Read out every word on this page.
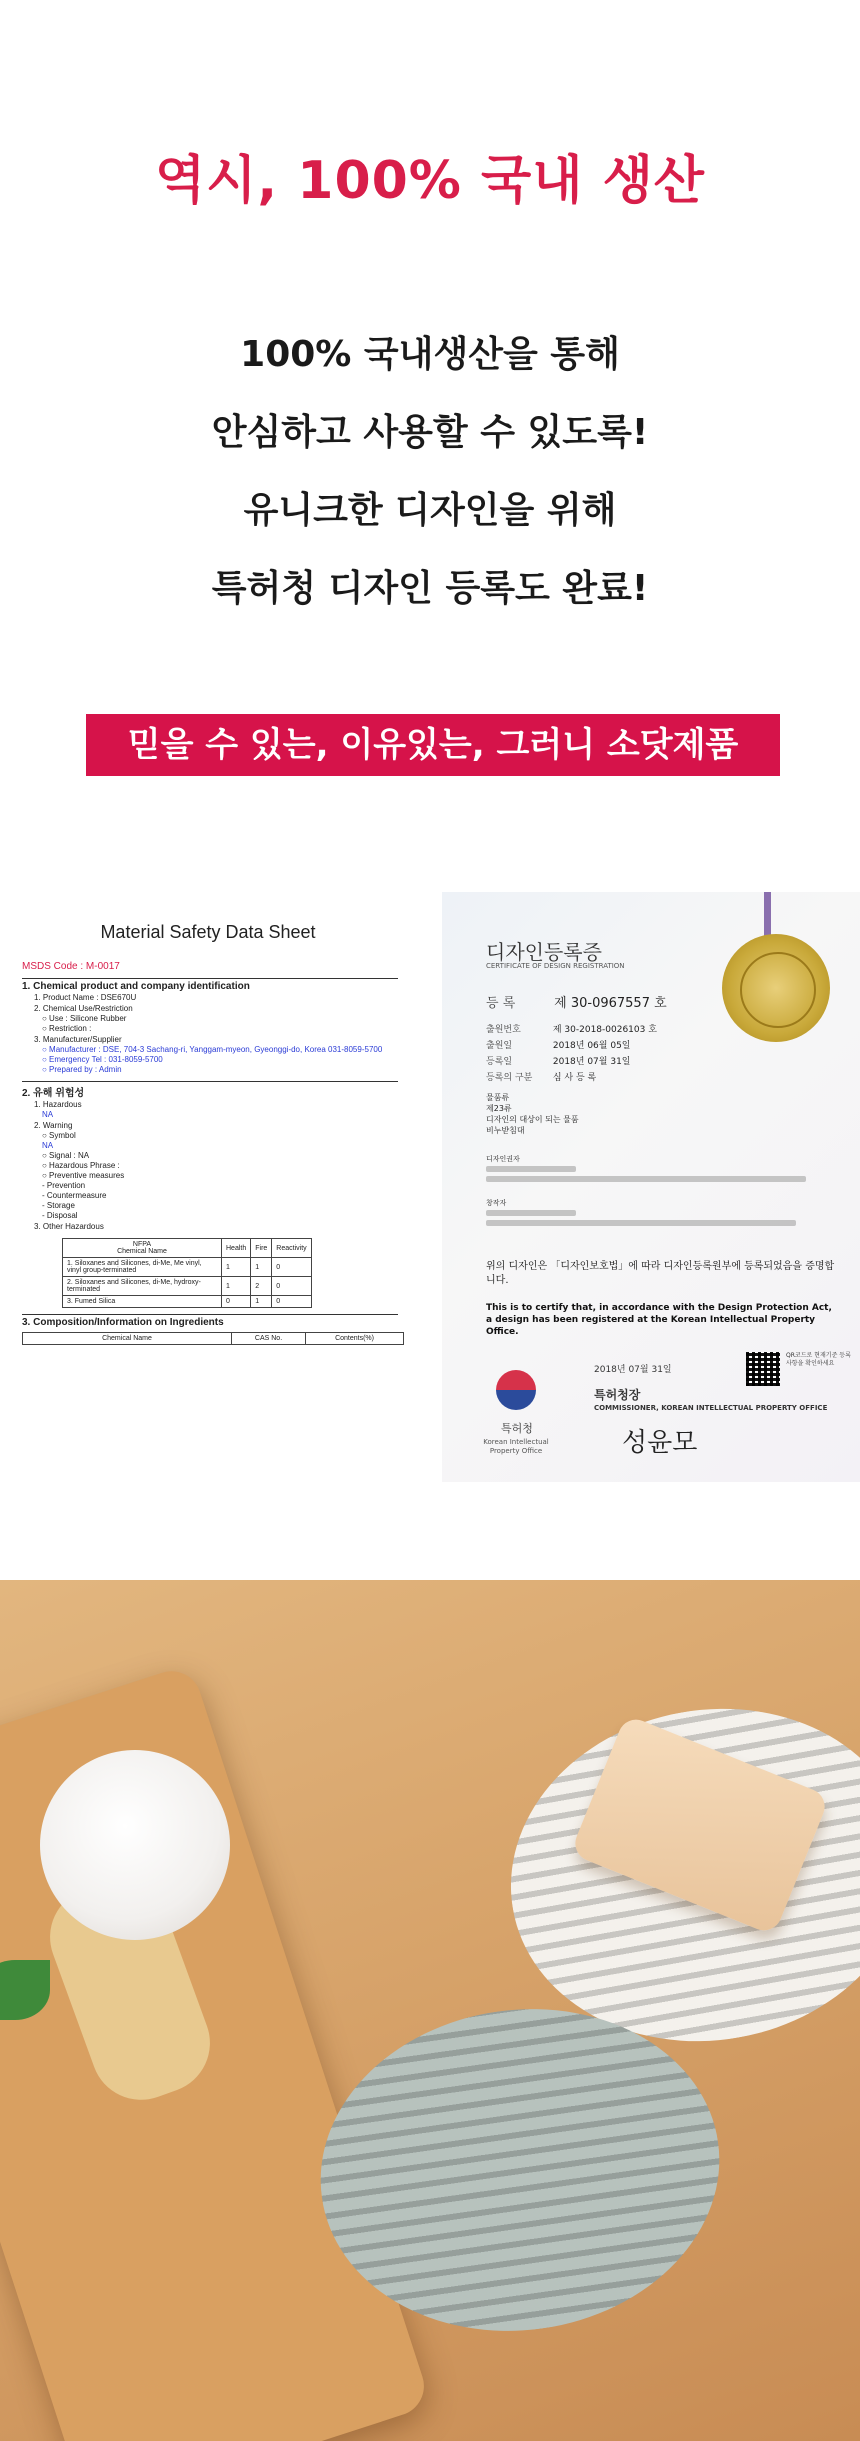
역시, 100% 국내 생산
100% 국내생산을 통해
안심하고 사용할 수 있도록!
유니크한 디자인을 위해
특허청 디자인 등록도 완료!
믿을 수 있는, 이유있는, 그러니 소닷제품
Material Safety Data Sheet
MSDS Code : M-0017
1. Chemical product and company identification
1. Product Name : DSE670U
2. Chemical Use/Restriction
○ Use : Silicone Rubber
○ Restriction :
3. Manufacturer/Supplier
○ Manufacturer : DSE, 704-3 Sachang-ri, Yanggam-myeon, Gyeonggi-do, Korea 031-8059-5700
○ Emergency Tel : 031-8059-5700
○ Prepared by : Admin
2. 유해 위험성
1. Hazardous
NA
2. Warning
○ Symbol
NA
○ Signal : NA
○ Hazardous Phrase :
○ Preventive measures
- Prevention
- Countermeasure
- Storage
- Disposal
3. Other Hazardous
NFPA
Chemical Name	Health	Fire	Reactivity
1. Siloxanes and Silicones, di-Me, Me vinyl, vinyl group-terminated	1	1	0
2. Siloxanes and Silicones, di-Me, hydroxy-terminated	1	2	0
3. Fumed Silica	0	1	0
3. Composition/Information on Ingredients
Chemical Name	CAS No.	Contents(%)
디자인등록증
CERTIFICATE OF DESIGN REGISTRATION
등 록	제 30-0967557 호
출원번호	제 30-2018-0026103 호
출원일	2018년 06월 05일
등록일	2018년 07월 31일
등록의 구분 심 사 등 록
물품류
제23류
디자인의 대상이 되는 물품
비누받침대
디자인권자
창작자
위의 디자인은 「디자인보호법」에 따라 디자인등록원부에 등록되었음을 증명합니다.
This is to certify that, in accordance with the Design Protection Act, a design has been registered at the Korean Intellectual Property Office.
특허청
Korean Intellectual Property Office
2018년 07월 31일
특허청장
COMMISSIONER, KOREAN INTELLECTUAL PROPERTY OFFICE
성윤모
QR코드로 현재기준 등록사항을 확인하세요
